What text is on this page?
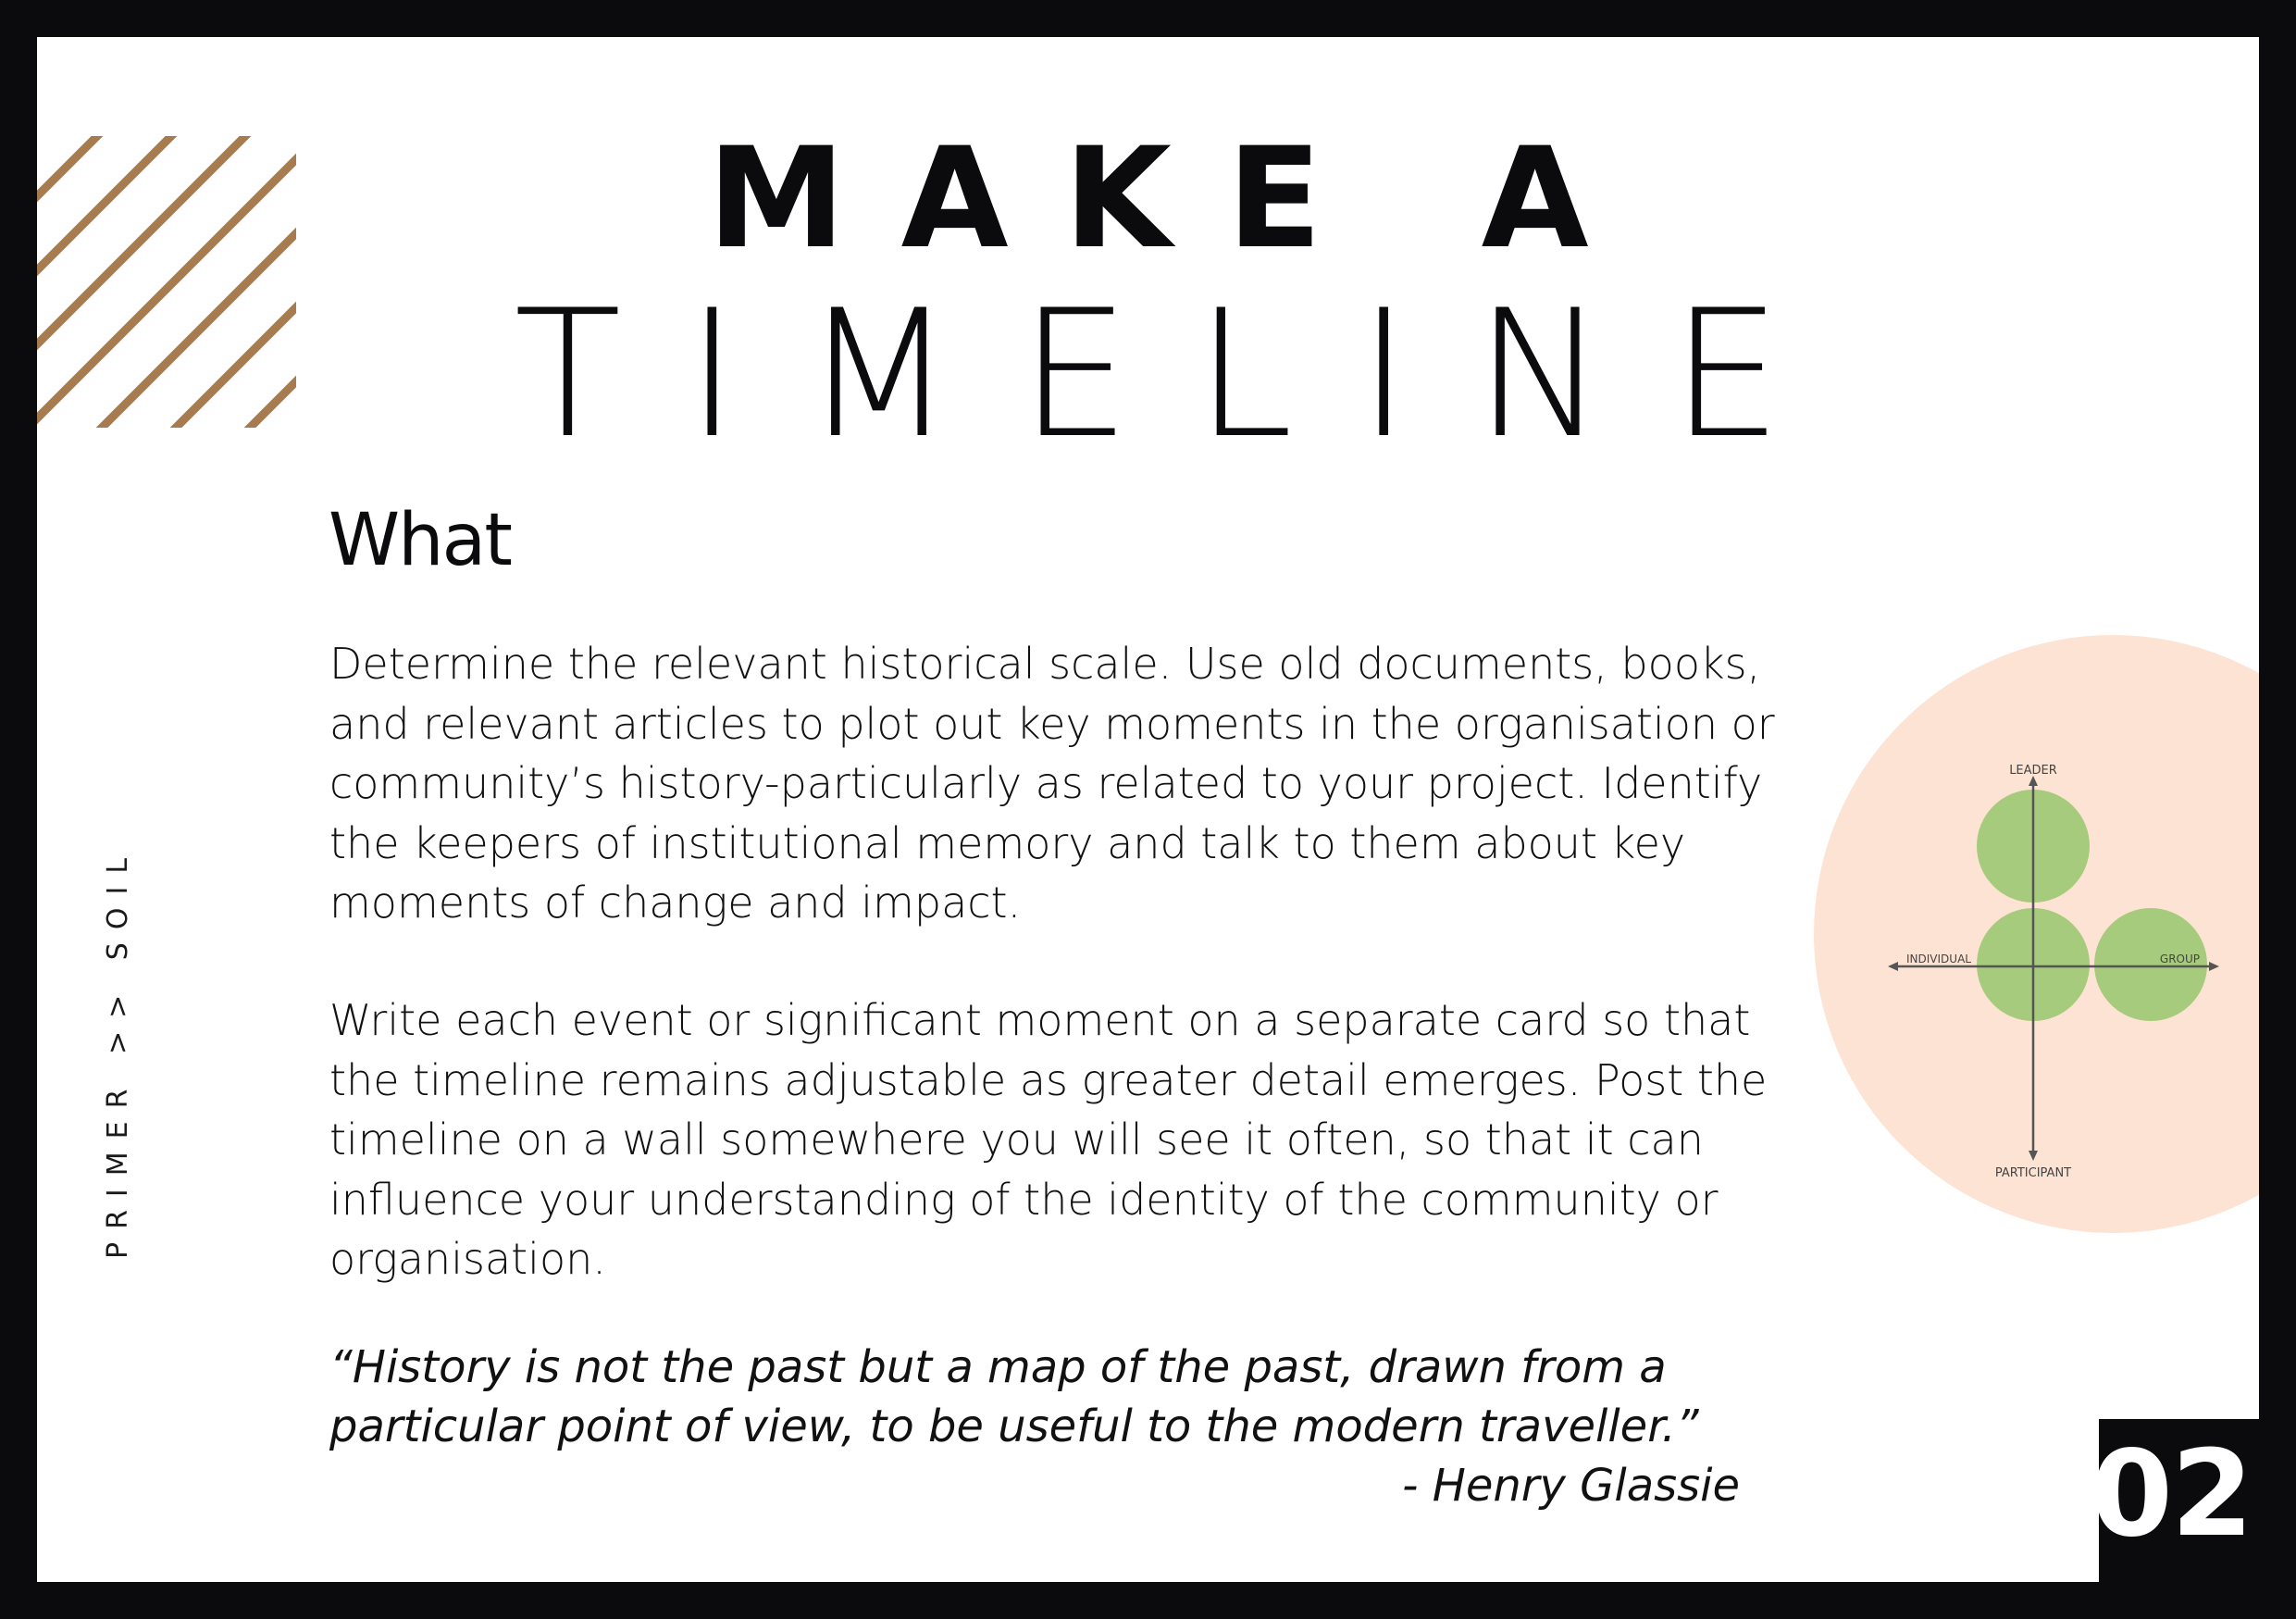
MAKE A
TIMELINE
PRIMER >> SOIL
What

Determine the relevant historical scale. Use old documents, books, and relevant articles to plot out key moments in the organisation or community’s history-particularly as related to your project. Identify the keepers of institutional memory and talk to them about key moments of change and impact.

Write each event or significant moment on a separate card so that the timeline remains adjustable as greater detail emerges. Post the timeline on a wall somewhere you will see it often, so that it can influence your understanding of the identity of the community or organisation.

“History is not the past but a map of the past, drawn from a particular point of view, to be useful to the modern traveller.”

- Henry Glassie
LEADER
PARTICIPANT
INDIVIDUAL	GROUP
02
